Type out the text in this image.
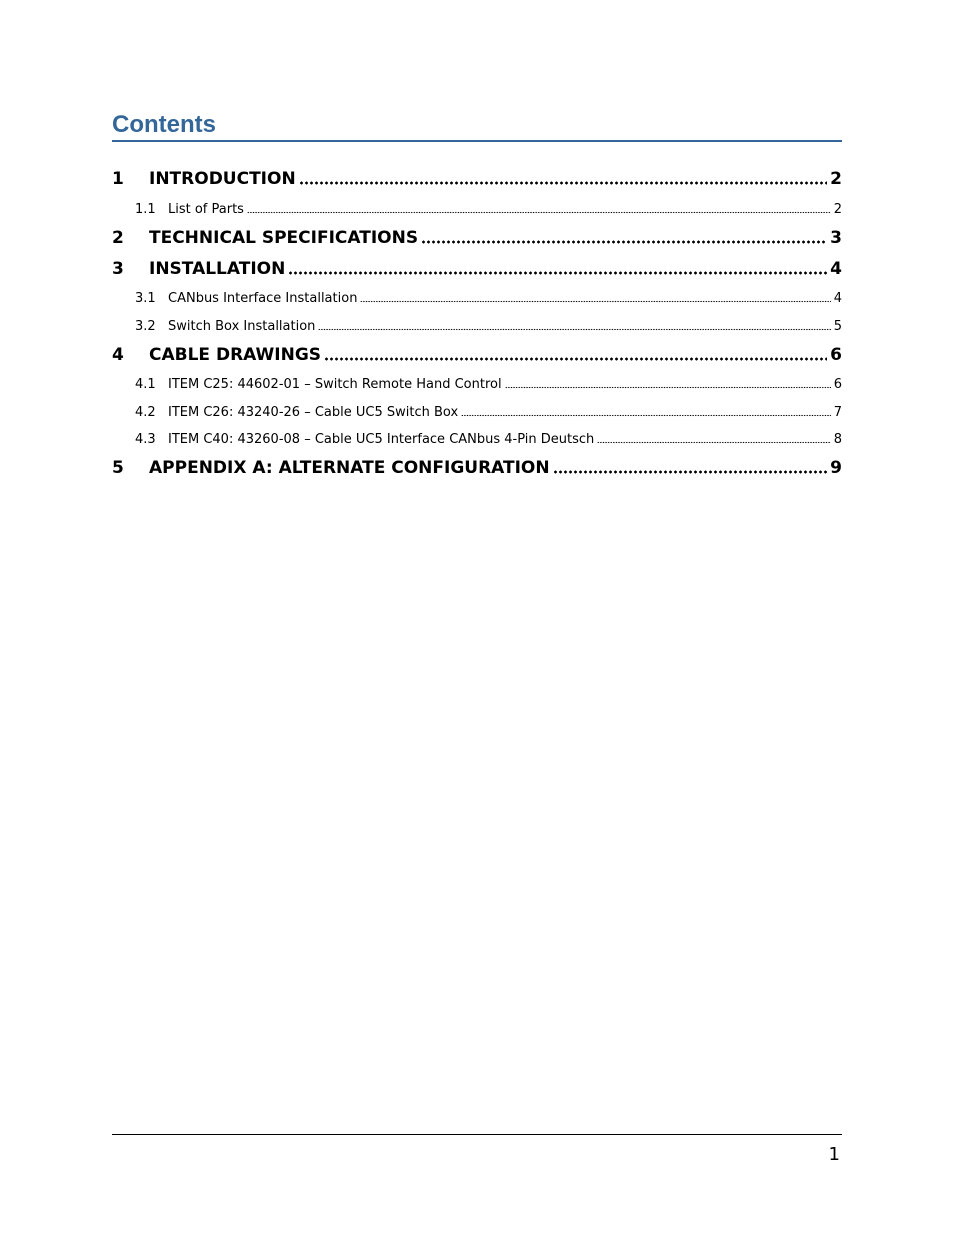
Contents
1	INTRODUCTION	2
1.1 List of Parts	2
2	TECHNICAL SPECIFICATIONS	3
3	INSTALLATION	4
3.1 CANbus Interface Installation	4
3.2 Switch Box Installation	5
4	CABLE DRAWINGS	6
4.1 ITEM C25: 44602-01 – Switch Remote Hand Control	6
4.2 ITEM C26: 43240-26 – Cable UC5 Switch Box	7
4.3 ITEM C40: 43260-08 – Cable UC5 Interface CANbus 4-Pin Deutsch	8
5	APPENDIX A: ALTERNATE CONFIGURATION	9
1
